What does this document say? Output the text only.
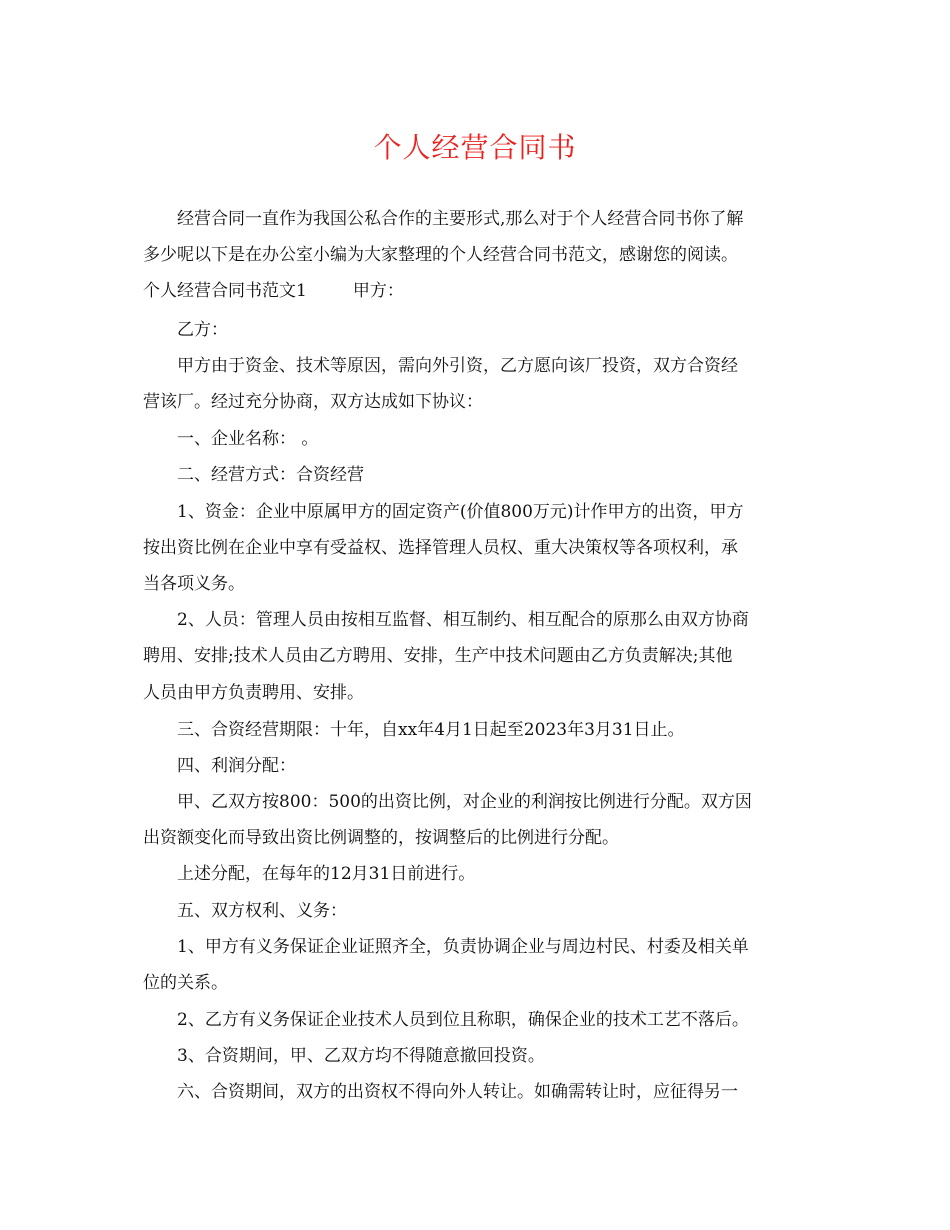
个人经营合同书
经营合同一直作为我国公私合作的主要形式,那么对于个人经营合同书你了解
多少呢以下是在办公室小编为大家整理的个人经营合同书范文，感谢您的阅读。
个人经营合同书范文1	甲方：
乙方：
甲方由于资金、技术等原因，需向外引资，乙方愿向该厂投资，双方合资经
营该厂。经过充分协商，双方达成如下协议：
一、企业名称： 。
二、经营方式：合资经营
1、资金：企业中原属甲方的固定资产(价值800万元)计作甲方的出资，甲方
按出资比例在企业中享有受益权、选择管理人员权、重大决策权等各项权利，承
当各项义务。
2、人员：管理人员由按相互监督、相互制约、相互配合的原那么由双方协商
聘用、安排;技术人员由乙方聘用、安排，生产中技术问题由乙方负责解决;其他
人员由甲方负责聘用、安排。
三、合资经营期限：十年，自xx年4月1日起至2023年3月31日止。
四、利润分配：
甲、乙双方按800：500的出资比例，对企业的利润按比例进行分配。双方因
出资额变化而导致出资比例调整的，按调整后的比例进行分配。
上述分配，在每年的12月31日前进行。
五、双方权利、义务：
1、甲方有义务保证企业证照齐全，负责协调企业与周边村民、村委及相关单
位的关系。
2、乙方有义务保证企业技术人员到位且称职，确保企业的技术工艺不落后。
3、合资期间，甲、乙双方均不得随意撤回投资。
六、合资期间，双方的出资权不得向外人转让。如确需转让时，应征得另一
